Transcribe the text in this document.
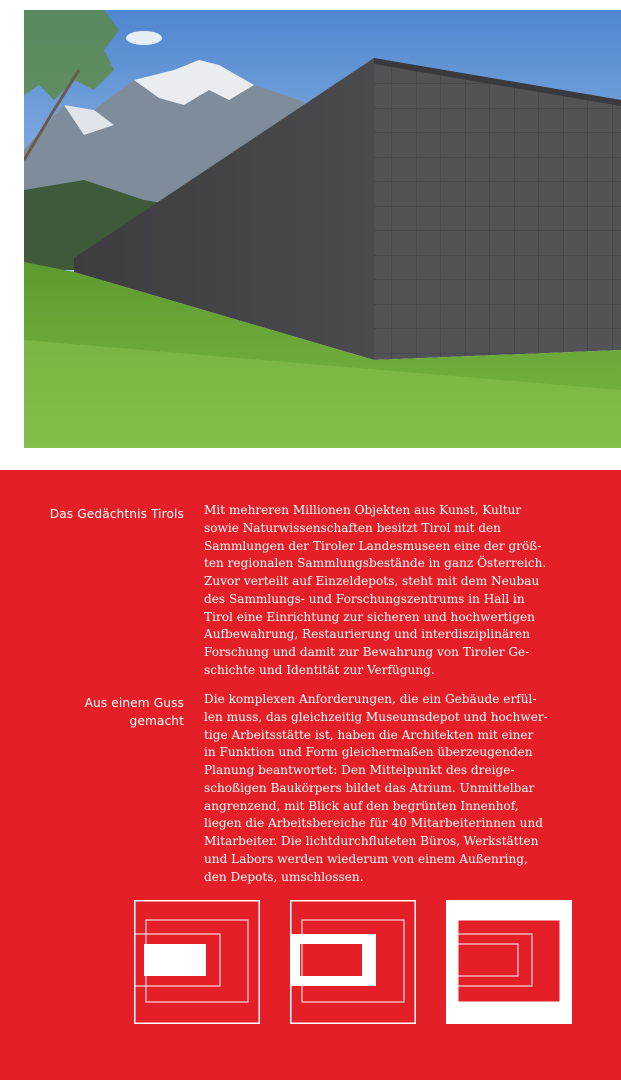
Das Gedächtnis Tirols Mit mehreren Millionen Objekten aus Kunst, Kultur
sowie Naturwissenschaften besitzt Tirol mit den
Sammlungen der Tiroler Landesmuseen eine der größ-
ten regionalen Sammlungsbestände in ganz Österreich.
Zuvor verteilt auf Einzeldepots, steht mit dem Neubau
des Sammlungs- und Forschungszentrums in Hall in
Tirol eine Einrichtung zur sicheren und hochwertigen
Aufbewahrung, Restaurierung und interdisziplinären
Forschung und damit zur Bewahrung von Tiroler Ge-
schichte und Identität zur Verfügung.
Aus einem Guss
gemacht
Die komplexen Anforderungen, die ein Gebäude erfül-
len muss, das gleichzeitig Museumsdepot und hochwer-
tige Arbeitsstätte ist, haben die Architekten mit einer
in Funktion und Form gleichermaßen überzeugenden
Planung beantwortet: Den Mittelpunkt des dreige-
schoßigen Baukörpers bildet das Atrium. Unmittelbar
angrenzend, mit Blick auf den begrünten Innenhof,
liegen die Arbeitsbereiche für 40 Mitarbeiterinnen und
Mitarbeiter. Die lichtdurchfluteten Büros, Werkstätten
und Labors werden wiederum von einem Außenring,
den Depots, umschlossen.
